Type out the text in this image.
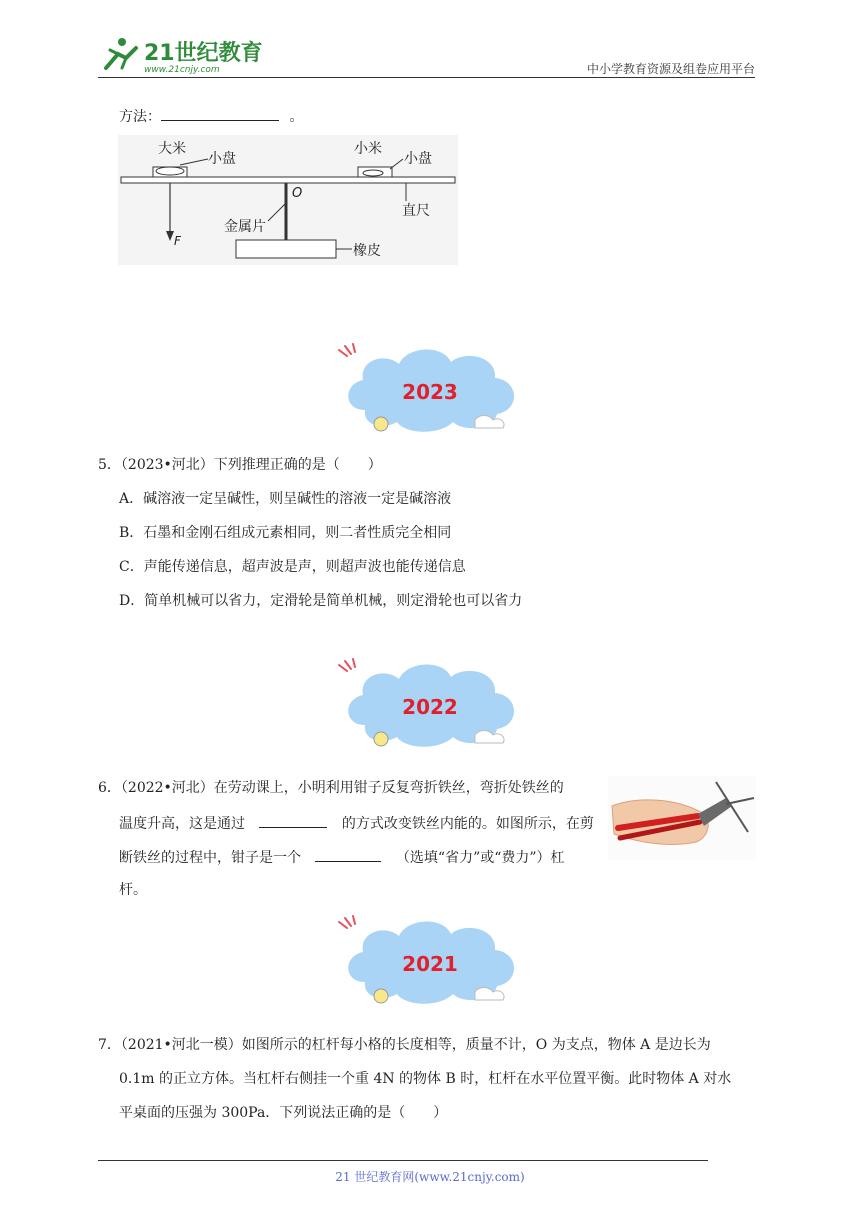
21世纪教育
www.21cnjy.com	中小学教育资源及组卷应用平台
方法：	。
大米
小盘
小米
小盘
O
金属片
直尺
橡皮
F
2023
5．（2023•河北）下列推理正确的是（　　）
A．碱溶液一定呈碱性，则呈碱性的溶液一定是碱溶液
B．石墨和金刚石组成元素相同，则二者性质完全相同
C．声能传递信息，超声波是声，则超声波也能传递信息
D．简单机械可以省力，定滑轮是简单机械，则定滑轮也可以省力
2022
6．（2022•河北）在劳动课上，小明利用钳子反复弯折铁丝，弯折处铁丝的
温度升高，这是通过	的方式改变铁丝内能的。如图所示，在剪
断铁丝的过程中，钳子是一个	（选填“省力”或“费力”）杠
杆。
2021
7．（2021•河北一模）如图所示的杠杆每小格的长度相等，质量不计，O 为支点，物体 A 是边长为
0.1m 的正立方体。当杠杆右侧挂一个重 4N 的物体 B 时，杠杆在水平位置平衡。此时物体 A 对水
平桌面的压强为 300Pa．下列说法正确的是（　　）
21 世纪教育网(www.21cnjy.com)
